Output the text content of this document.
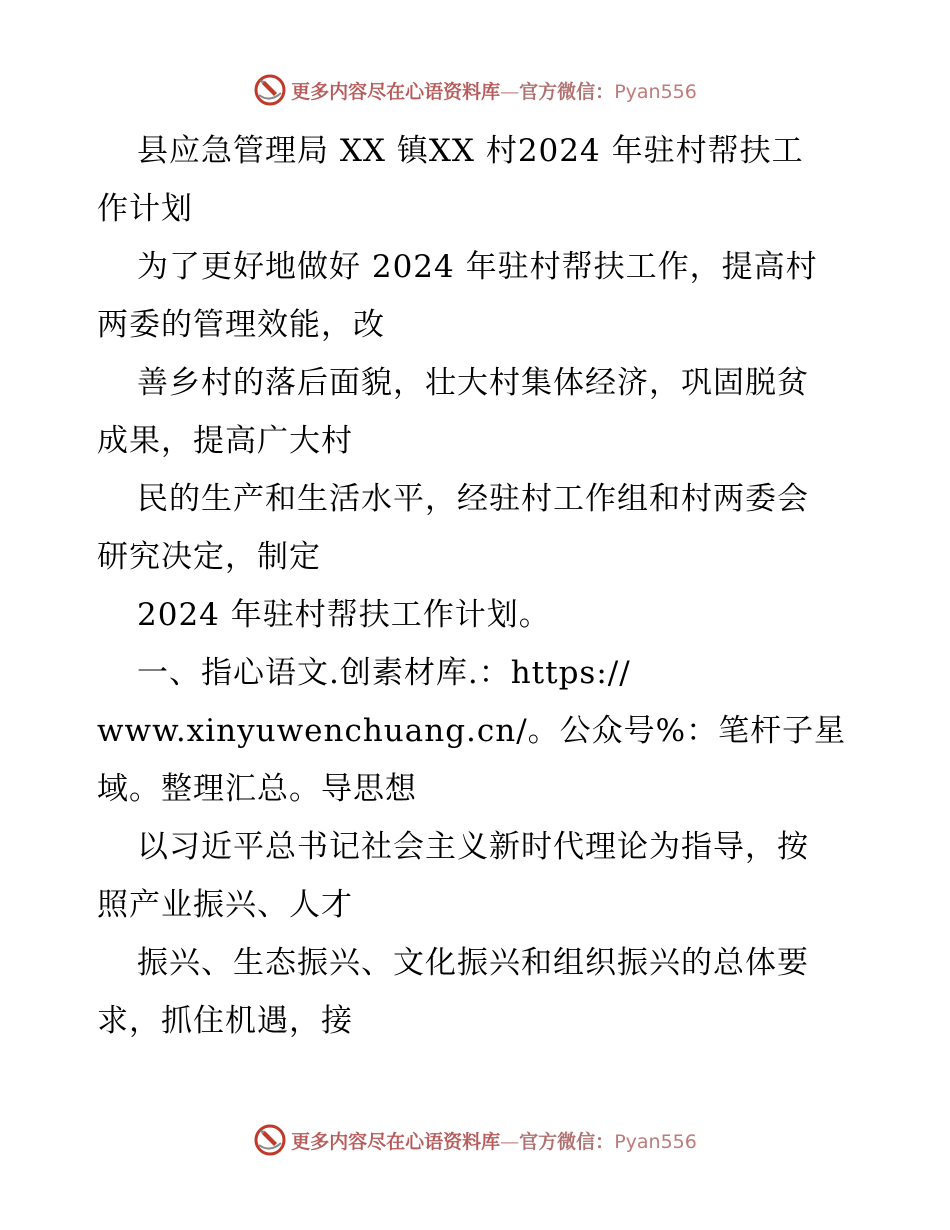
更多内容尽在心语资料库—官方微信：Pyan556
县应急管理局 XX 镇XX 村2024 年驻村帮扶工
作计划
为了更好地做好 2024 年驻村帮扶工作，提高村
两委的管理效能，改
善乡村的落后面貌，壮大村集体经济，巩固脱贫
成果，提高广大村
民的生产和生活水平，经驻村工作组和村两委会
研究决定，制定
2024 年驻村帮扶工作计划。
一、指心语文.创素材库.：https://
www.xinyuwenchuang.cn/。公众号%：笔杆子星
域。整理汇总。导思想
以习近平总书记社会主义新时代理论为指导，按
照产业振兴、人才
振兴、生态振兴、文化振兴和组织振兴的总体要
求，抓住机遇，接
更多内容尽在心语资料库—官方微信：Pyan556
